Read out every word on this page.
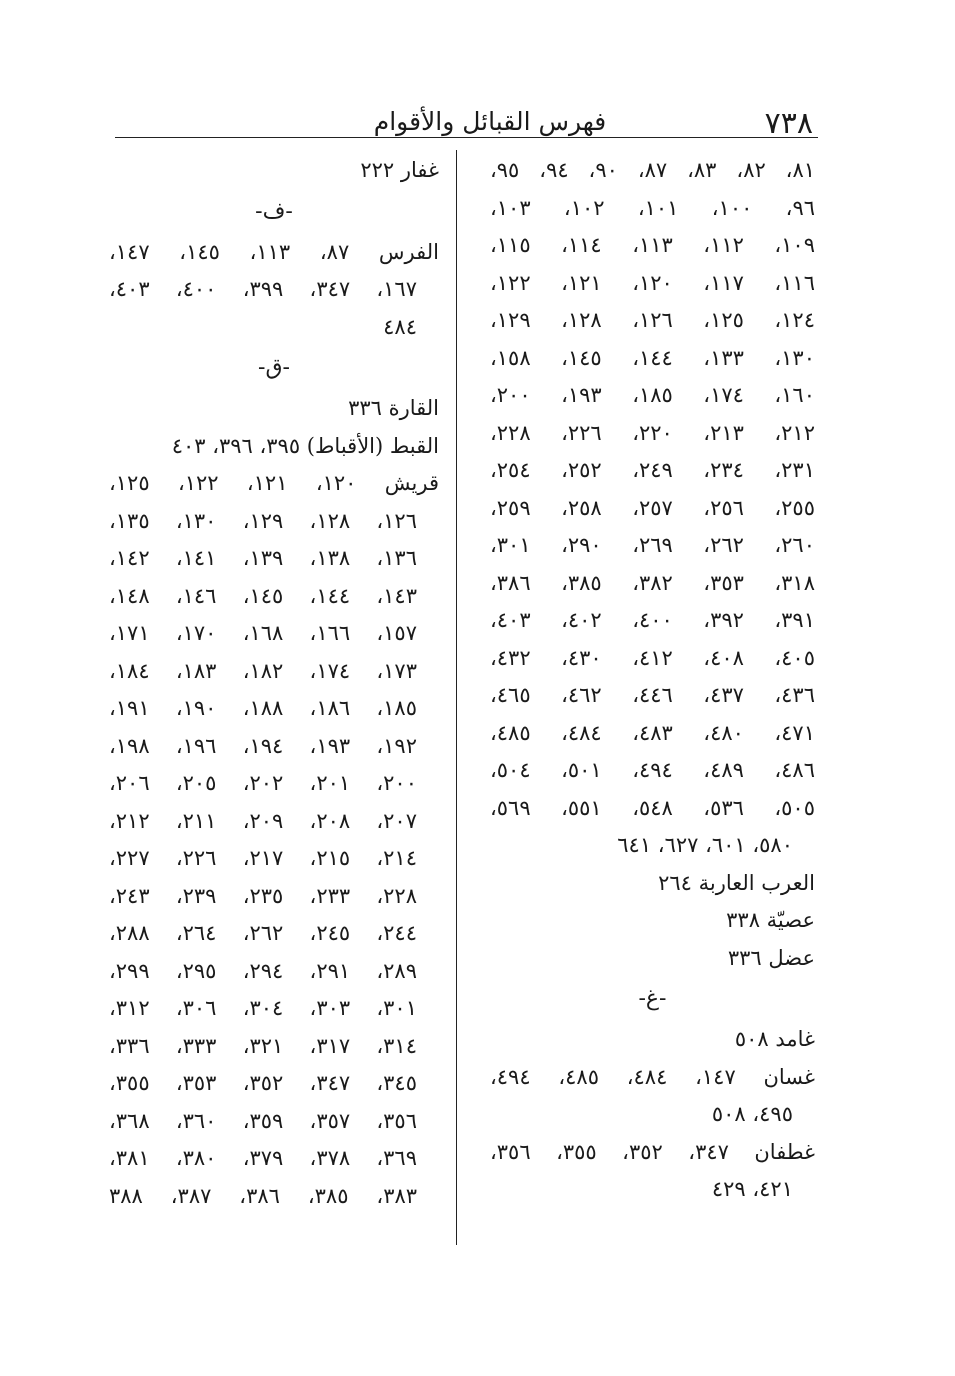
٧٣٨
فهرس القبائل والأقوام
٨١، ٨٢، ٨٣، ٨٧، ٩٠، ٩٤، ٩٥،
٩٦، ١٠٠، ١٠١، ١٠٢، ١٠٣،
١٠٩، ١١٢، ١١٣، ١١٤، ١١٥،
١١٦، ١١٧، ١٢٠، ١٢١، ١٢٢،
١٢٤، ١٢٥، ١٢٦، ١٢٨، ١٢٩،
١٣٠، ١٣٣، ١٤٤، ١٤٥، ١٥٨،
١٦٠، ١٧٤، ١٨٥، ١٩٣، ٢٠٠،
٢١٢، ٢١٣، ٢٢٠، ٢٢٦، ٢٢٨،
٢٣١، ٢٣٤، ٢٤٩، ٢٥٢، ٢٥٤،
٢٥٥، ٢٥٦، ٢٥٧، ٢٥٨، ٢٥٩،
٢٦٠، ٢٦٢، ٢٦٩، ٢٩٠، ٣٠١،
٣١٨، ٣٥٣، ٣٨٢، ٣٨٥، ٣٨٦،
٣٩١، ٣٩٢، ٤٠٠، ٤٠٢، ٤٠٣،
٤٠٥، ٤٠٨، ٤١٢، ٤٣٠، ٤٣٢،
٤٣٦، ٤٣٧، ٤٤٦، ٤٦٢، ٤٦٥،
٤٧١، ٤٨٠، ٤٨٣، ٤٨٤، ٤٨٥،
٤٨٦، ٤٨٩، ٤٩٤، ٥٠١، ٥٠٤،
٥٠٥، ٥٣٦، ٥٤٨، ٥٥١، ٥٦٩،
٥٨٠، ٦٠١، ٦٢٧، ٦٤١
العرب العاربة ٢٦٤
عصيّة ٣٣٨
عضل ٣٣٦
-غ-
غامد ٥٠٨
غسان ١٤٧، ٤٨٤، ٤٨٥، ٤٩٤،
٤٩٥، ٥٠٨
غطفان ٣٤٧، ٣٥٢، ٣٥٥، ٣٥٦،
٤٢١، ٤٢٩
غفار ٢٢٢
-ف-
الفرس ٨٧، ١١٣، ١٤٥، ١٤٧،
١٦٧، ٣٤٧، ٣٩٩، ٤٠٠، ٤٠٣،
٤٨٤
-ق-
القارة ٣٣٦
القبط (الأقباط) ٣٩٥، ٣٩٦، ٤٠٣
قريش ١٢٠، ١٢١، ١٢٢، ١٢٥،
١٢٦، ١٢٨، ١٢٩، ١٣٠، ١٣٥،
١٣٦، ١٣٨، ١٣٩، ١٤١، ١٤٢،
١٤٣، ١٤٤، ١٤٥، ١٤٦، ١٤٨،
١٥٧، ١٦٦، ١٦٨، ١٧٠، ١٧١،
١٧٣، ١٧٤، ١٨٢، ١٨٣، ١٨٤،
١٨٥، ١٨٦، ١٨٨، ١٩٠، ١٩١،
١٩٢، ١٩٣، ١٩٤، ١٩٦، ١٩٨،
٢٠٠، ٢٠١، ٢٠٢، ٢٠٥، ٢٠٦،
٢٠٧، ٢٠٨، ٢٠٩، ٢١١، ٢١٢،
٢١٤، ٢١٥، ٢١٧، ٢٢٦، ٢٢٧،
٢٢٨، ٢٣٣، ٢٣٥، ٢٣٩، ٢٤٣،
٢٤٤، ٢٤٥، ٢٦٢، ٢٦٤، ٢٨٨،
٢٨٩، ٢٩١، ٢٩٤، ٢٩٥، ٢٩٩،
٣٠١، ٣٠٣، ٣٠٤، ٣٠٦، ٣١٢،
٣١٤، ٣١٧، ٣٢١، ٣٣٣، ٣٣٦،
٣٤٥، ٣٤٧، ٣٥٢، ٣٥٣، ٣٥٥،
٣٥٦، ٣٥٧، ٣٥٩، ٣٦٠، ٣٦٨،
٣٦٩، ٣٧٨، ٣٧٩، ٣٨٠، ٣٨١،
٣٨٣، ٣٨٥، ٣٨٦، ٣٨٧، ٣٨٨
